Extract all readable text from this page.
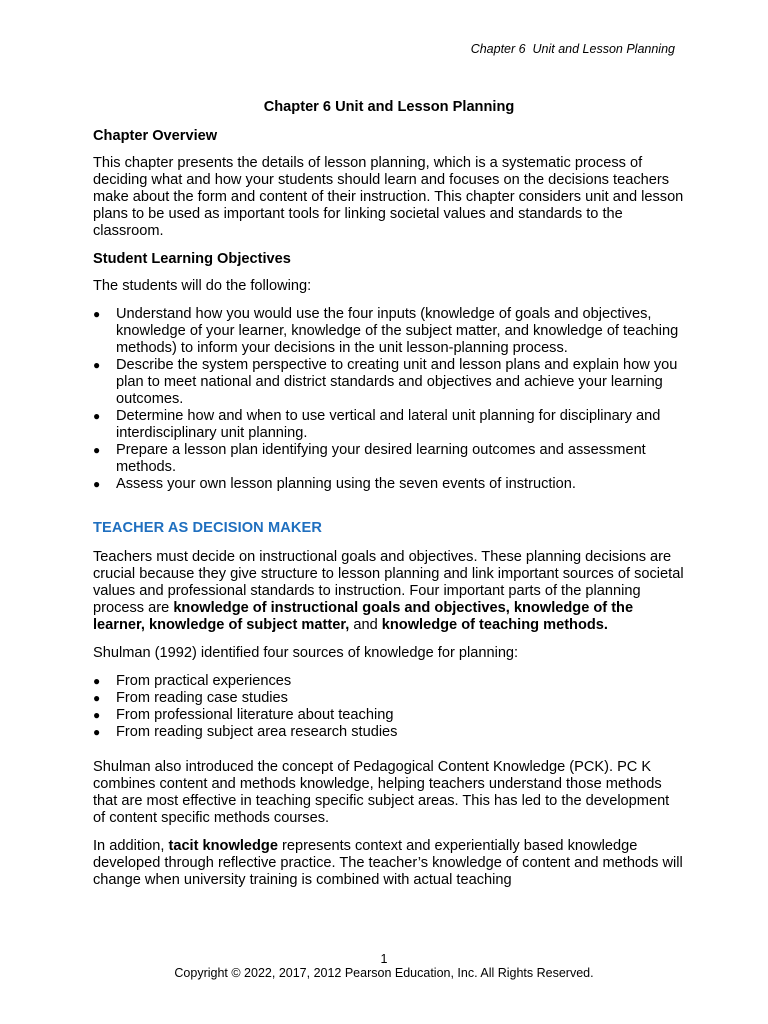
Chapter 6  Unit and Lesson Planning
Chapter 6 Unit and Lesson Planning
Chapter Overview

This chapter presents the details of lesson planning, which is a systematic process of deciding what and how your students should learn and focuses on the decisions teachers make about the form and content of their instruction. This chapter considers unit and lesson plans to be used as important tools for linking societal values and standards to the classroom.

Student Learning Objectives

The students will do the following:

● Understand how you would use the four inputs (knowledge of goals and objectives, knowledge of your learner, knowledge of the subject matter, and knowledge of teaching methods) to inform your decisions in the unit lesson-planning process.
● Describe the system perspective to creating unit and lesson plans and explain how you plan to meet national and district standards and objectives and achieve your learning outcomes.
● Determine how and when to use vertical and lateral unit planning for disciplinary and interdisciplinary unit planning.
● Prepare a lesson plan identifying your desired learning outcomes and assessment methods.
● Assess your own lesson planning using the seven events of instruction.
TEACHER AS DECISION MAKER

Teachers must decide on instructional goals and objectives. These planning decisions are crucial because they give structure to lesson planning and link important sources of societal values and professional standards to instruction. Four important parts of the planning process are knowledge of instructional goals and objectives, knowledge of the learner, knowledge of subject matter, and knowledge of teaching methods.

Shulman (1992) identified four sources of knowledge for planning:

● From practical experiences
● From reading case studies
● From professional literature about teaching
● From reading subject area research studies

Shulman also introduced the concept of Pedagogical Content Knowledge (PCK). PC K combines content and methods knowledge, helping teachers understand those methods that are most effective in teaching specific subject areas. This has led to the development of content specific methods courses.

In addition, tacit knowledge represents context and experientially based knowledge developed through reflective practice. The teacher’s knowledge of content and methods will change when university training is combined with actual teaching

1
Copyright © 2022, 2017, 2012 Pearson Education, Inc. All Rights Reserved.
